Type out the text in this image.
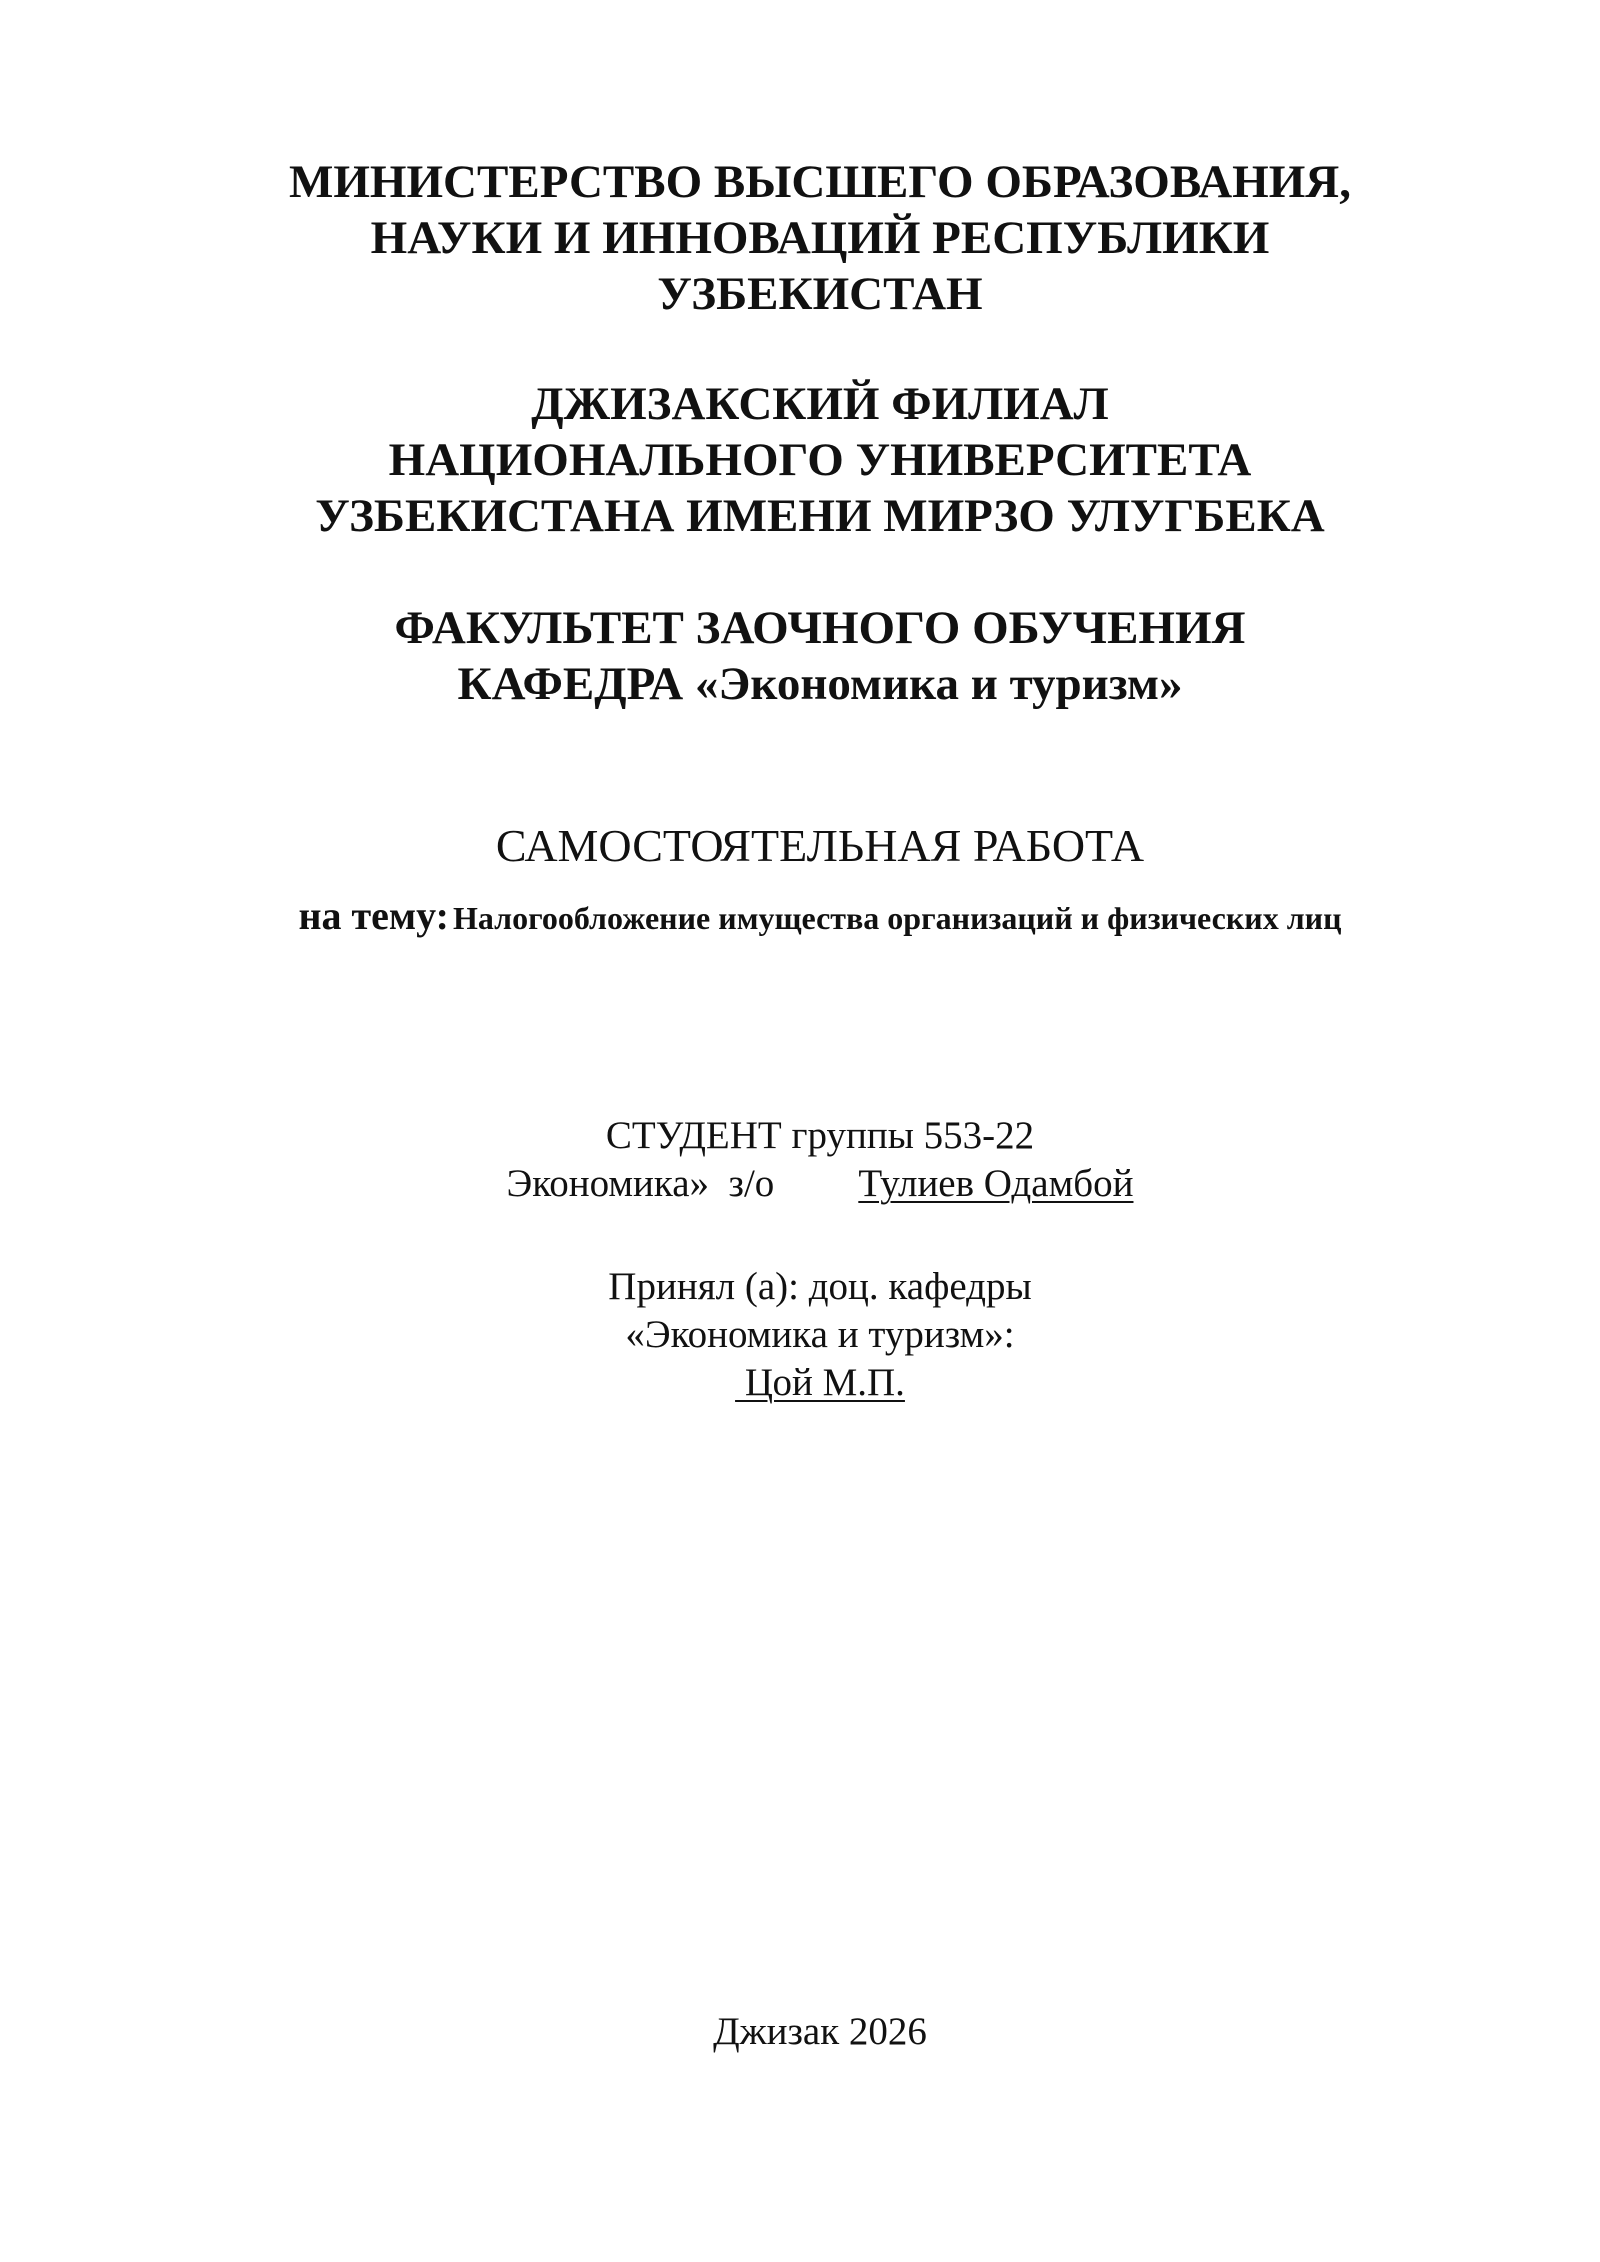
МИНИСТЕРСТВО ВЫСШЕГО ОБРАЗОВАНИЯ,

НАУКИ И ИННОВАЦИЙ РЕСПУБЛИКИ

УЗБЕКИСТАН

ДЖИЗАКСКИЙ ФИЛИАЛ

НАЦИОНАЛЬНОГО УНИВЕРСИТЕТА

УЗБЕКИСТАНА ИМЕНИ МИРЗО УЛУГБЕКА

ФАКУЛЬТЕТ ЗАОЧНОГО ОБУЧЕНИЯ

КАФЕДРА «Экономика и туризм»

САМОСТОЯТЕЛЬНАЯ РАБОТА
на тему: Налогообложение имущества организаций и физических лиц

СТУДЕНТ группы 553-22

Экономика»  з/о Тулиев Одамбой

Принял (а): доц. кафедры

«Экономика и туризм»:

Цой М.П.

Джизак 2026
